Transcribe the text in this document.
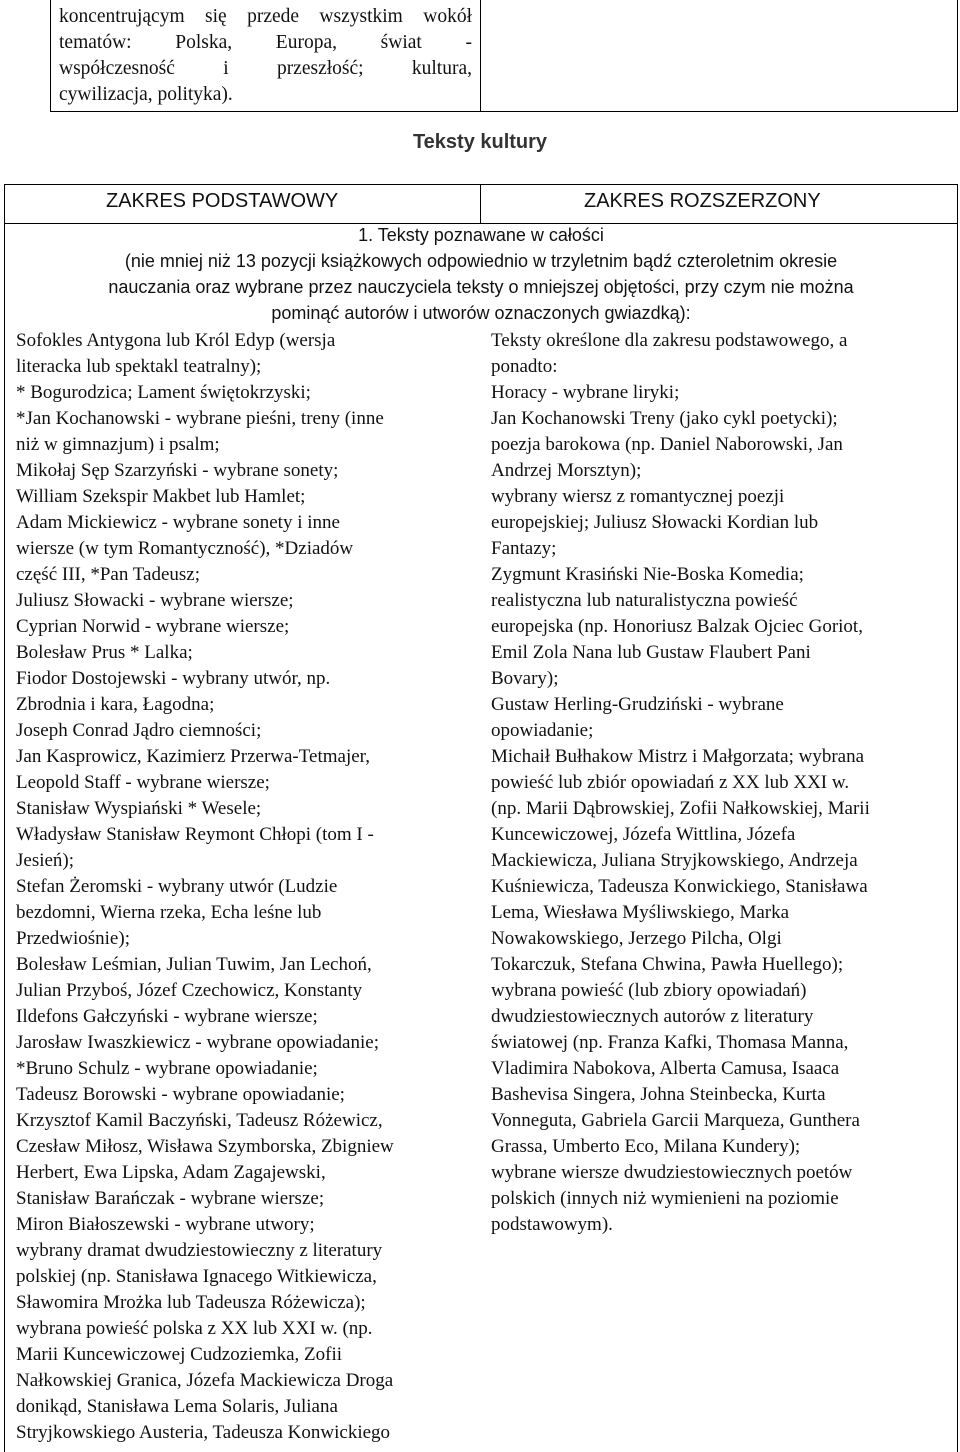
koncentrującym się przede wszystkim wokół
tematów: Polska, Europa, świat -
współczesność i przeszłość; kultura,
cywilizacja, polityka).
Teksty kultury
ZAKRES PODSTAWOWY	ZAKRES ROZSZERZONY
1. Teksty poznawane w całości
(nie mniej niż 13 pozycji książkowych odpowiednio w trzyletnim bądź czteroletnim okresie
nauczania oraz wybrane przez nauczyciela teksty o mniejszej objętości, przy czym nie można
pominąć autorów i utworów oznaczonych gwiazdką):
Sofokles Antygona lub Król Edyp (wersja
literacka lub spektakl teatralny);
* Bogurodzica; Lament świętokrzyski;
*Jan Kochanowski - wybrane pieśni, treny (inne
niż w gimnazjum) i psalm;
Mikołaj Sęp Szarzyński - wybrane sonety;
William Szekspir Makbet lub Hamlet;
Adam Mickiewicz - wybrane sonety i inne
wiersze (w tym Romantyczność), *Dziadów
część III, *Pan Tadeusz;
Juliusz Słowacki - wybrane wiersze;
Cyprian Norwid - wybrane wiersze;
Bolesław Prus * Lalka;
Fiodor Dostojewski - wybrany utwór, np.
Zbrodnia i kara, Łagodna;
Joseph Conrad Jądro ciemności;
Jan Kasprowicz, Kazimierz Przerwa-Tetmajer,
Leopold Staff - wybrane wiersze;
Stanisław Wyspiański * Wesele;
Władysław Stanisław Reymont Chłopi (tom I -
Jesień);
Stefan Żeromski - wybrany utwór (Ludzie
bezdomni, Wierna rzeka, Echa leśne lub
Przedwiośnie);
Bolesław Leśmian, Julian Tuwim, Jan Lechoń,
Julian Przyboś, Józef Czechowicz, Konstanty
Ildefons Gałczyński - wybrane wiersze;
Jarosław Iwaszkiewicz - wybrane opowiadanie;
*Bruno Schulz - wybrane opowiadanie;
Tadeusz Borowski - wybrane opowiadanie;
Krzysztof Kamil Baczyński, Tadeusz Różewicz,
Czesław Miłosz, Wisława Szymborska, Zbigniew
Herbert, Ewa Lipska, Adam Zagajewski,
Stanisław Barańczak - wybrane wiersze;
Miron Białoszewski - wybrane utwory;
wybrany dramat dwudziestowieczny z literatury
polskiej (np. Stanisława Ignacego Witkiewicza,
Sławomira Mrożka lub Tadeusza Różewicza);
wybrana powieść polska z XX lub XXI w. (np.
Marii Kuncewiczowej Cudzoziemka, Zofii
Nałkowskiej Granica, Józefa Mackiewicza Droga
donikąd, Stanisława Lema Solaris, Juliana
Stryjkowskiego Austeria, Tadeusza Konwickiego
Teksty określone dla zakresu podstawowego, a
ponadto:
Horacy - wybrane liryki;
Jan Kochanowski Treny (jako cykl poetycki);
poezja barokowa (np. Daniel Naborowski, Jan
Andrzej Morsztyn);
wybrany wiersz z romantycznej poezji
europejskiej; Juliusz Słowacki Kordian lub
Fantazy;
Zygmunt Krasiński Nie-Boska Komedia;
realistyczna lub naturalistyczna powieść
europejska (np. Honoriusz Balzak Ojciec Goriot,
Emil Zola Nana lub Gustaw Flaubert Pani
Bovary);
Gustaw Herling-Grudziński - wybrane
opowiadanie;
Michaił Bułhakow Mistrz i Małgorzata; wybrana
powieść lub zbiór opowiadań z XX lub XXI w.
(np. Marii Dąbrowskiej, Zofii Nałkowskiej, Marii
Kuncewiczowej, Józefa Wittlina, Józefa
Mackiewicza, Juliana Stryjkowskiego, Andrzeja
Kuśniewicza, Tadeusza Konwickiego, Stanisława
Lema, Wiesława Myśliwskiego, Marka
Nowakowskiego, Jerzego Pilcha, Olgi
Tokarczuk, Stefana Chwina, Pawła Huellego);
wybrana powieść (lub zbiory opowiadań)
dwudziestowiecznych autorów z literatury
światowej (np. Franza Kafki, Thomasa Manna,
Vladimira Nabokova, Alberta Camusa, Isaaca
Bashevisa Singera, Johna Steinbecka, Kurta
Vonneguta, Gabriela Garcii Marqueza, Gunthera
Grassa, Umberto Eco, Milana Kundery);
wybrane wiersze dwudziestowiecznych poetów
polskich (innych niż wymienieni na poziomie
podstawowym).
